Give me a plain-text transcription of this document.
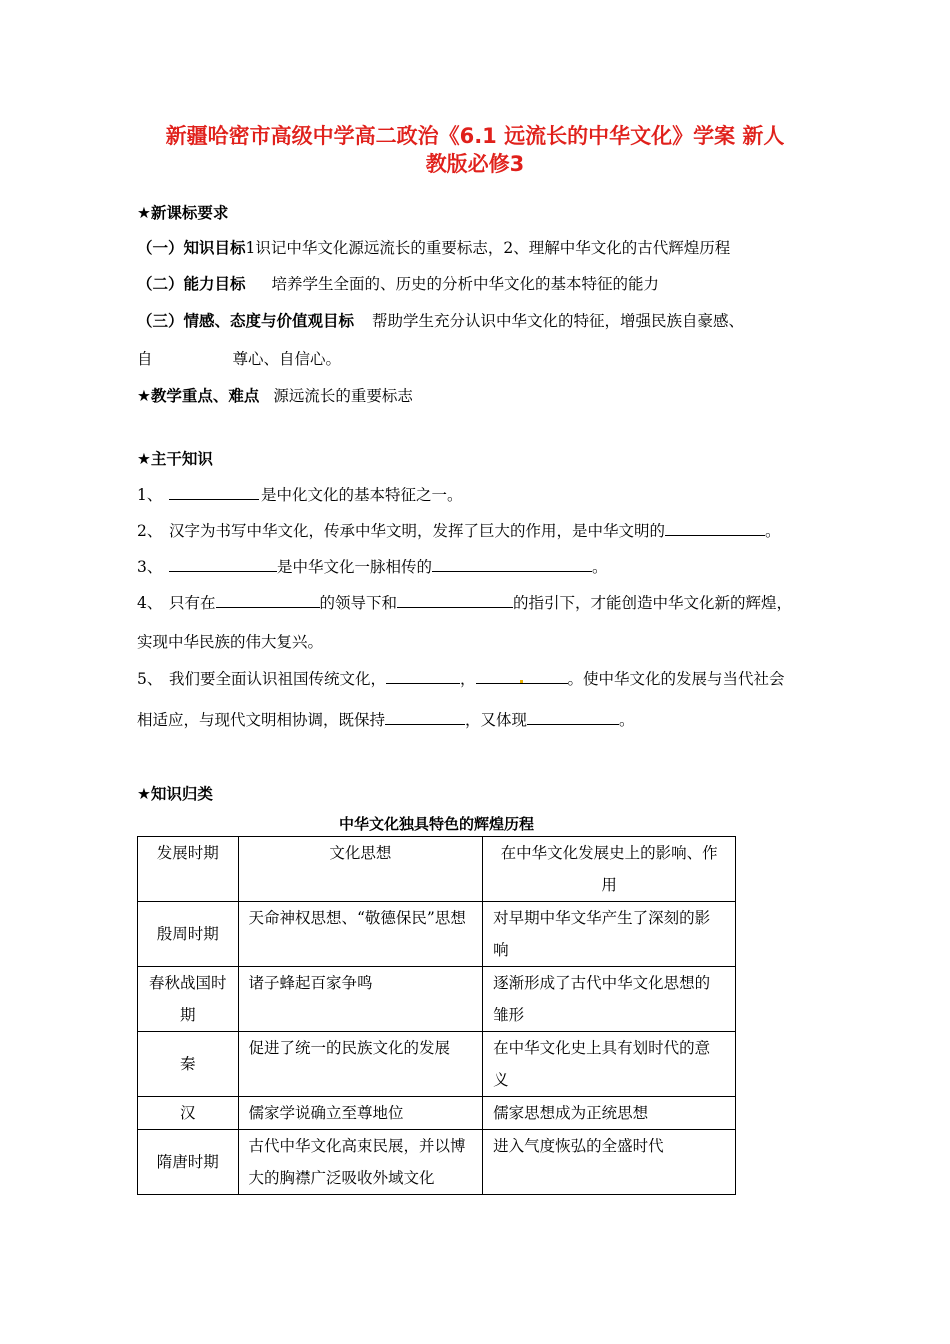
新疆哈密市高级中学高二政治《6.1 远流长的中华文化》学案 新人
教版必修3
★新课标要求
（一）知识目标1识记中华文化源远流长的重要标志，2、理解中华文化的古代辉煌历程
（二）能力目标 培养学生全面的、历史的分析中华文化的基本特征的能力
（三）情感、态度与价值观目标 帮助学生充分认识中华文化的特征，增强民族自豪感、
自	尊心、自信心。
★教学重点、难点 源远流长的重要标志
★主干知识
1、	是中化文化的基本特征之一。
2、 汉字为书写中华文化，传承中华文明，发挥了巨大的作用，是中华文明的	。
3、	是中华文化一脉相传的	。
4、 只有在	的领导下和	的指引下，才能创造中华文化新的辉煌，
实现中华民族的伟大复兴。
5、 我们要全面认识祖国传统文化，	，	。使中华文化的发展与当代社会
相适应，与现代文明相协调，既保持	，又体现	。
★知识归类
中华文化独具特色的辉煌历程
发展时期	文化思想	在中华文化发展史上的影响、作用
殷周时期	天命神权思想、“敬德保民”思想	对早期中华文华产生了深刻的影响
春秋战国时期	诸子蜂起百家争鸣	逐渐形成了古代中华文化思想的雏形
秦	促进了统一的民族文化的发展	在中华文化史上具有划时代的意义
汉	儒家学说确立至尊地位	儒家思想成为正统思想
隋唐时期	古代中华文化高束民展，并以博大的胸襟广泛吸收外域文化	进入气度恢弘的全盛时代
